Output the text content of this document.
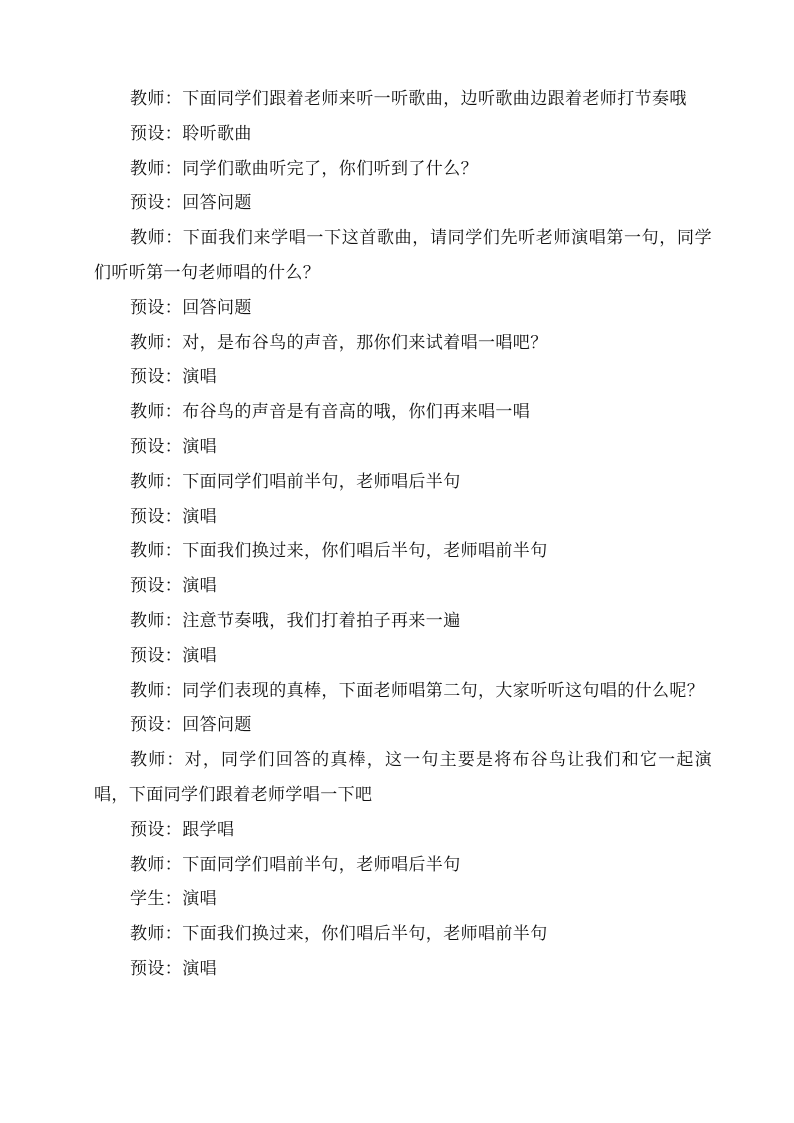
教师：下面同学们跟着老师来听一听歌曲，边听歌曲边跟着老师打节奏哦

预设：聆听歌曲

教师：同学们歌曲听完了，你们听到了什么？

预设：回答问题

教师：下面我们来学唱一下这首歌曲，请同学们先听老师演唱第一句，同学们听听第一句老师唱的什么？

预设：回答问题

教师：对，是布谷鸟的声音，那你们来试着唱一唱吧？

预设：演唱

教师：布谷鸟的声音是有音高的哦，你们再来唱一唱

预设：演唱

教师：下面同学们唱前半句，老师唱后半句

预设：演唱

教师：下面我们换过来，你们唱后半句，老师唱前半句

预设：演唱

教师：注意节奏哦，我们打着拍子再来一遍

预设：演唱

教师：同学们表现的真棒，下面老师唱第二句，大家听听这句唱的什么呢？

预设：回答问题

教师：对，同学们回答的真棒，这一句主要是将布谷鸟让我们和它一起演唱，下面同学们跟着老师学唱一下吧

预设：跟学唱

教师：下面同学们唱前半句，老师唱后半句

学生：演唱

教师：下面我们换过来，你们唱后半句，老师唱前半句

预设：演唱
